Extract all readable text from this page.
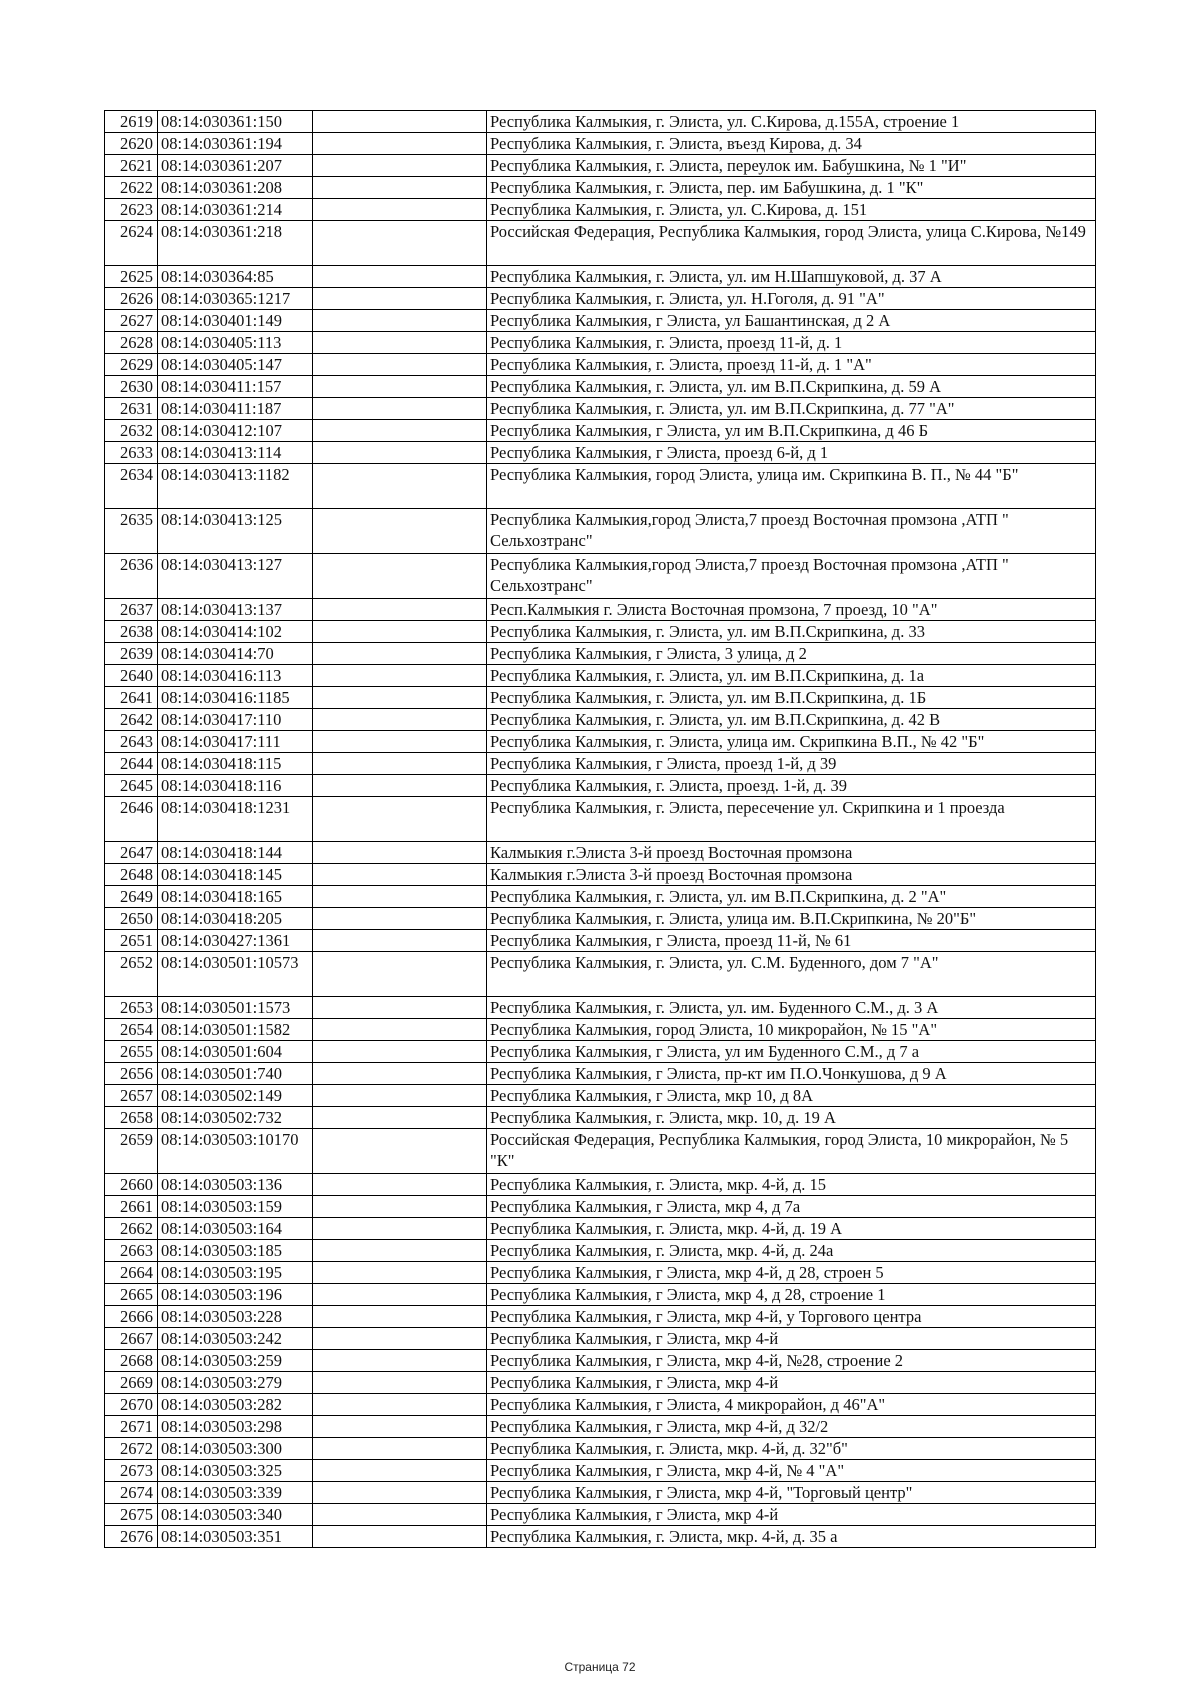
2619	08:14:030361:150		Республика Калмыкия, г. Элиста, ул. С.Кирова, д.155А, строение 1
2620	08:14:030361:194		Республика Калмыкия, г. Элиста, въезд Кирова, д. 34
2621	08:14:030361:207		Республика Калмыкия, г. Элиста, переулок им. Бабушкина, № 1 "И"
2622	08:14:030361:208		Республика Калмыкия, г. Элиста, пер. им Бабушкина, д. 1 "К"
2623	08:14:030361:214		Республика Калмыкия, г. Элиста, ул. С.Кирова, д. 151
2624	08:14:030361:218		Российская Федерация, Республика Калмыкия, город Элиста, улица С.Кирова, №149
2625	08:14:030364:85		Республика Калмыкия, г. Элиста, ул. им Н.Шапшуковой, д. 37 А
2626	08:14:030365:1217		Республика Калмыкия, г. Элиста, ул. Н.Гоголя, д. 91 "А"
2627	08:14:030401:149		Республика Калмыкия, г Элиста, ул Башантинская, д 2 А
2628	08:14:030405:113		Республика Калмыкия, г. Элиста, проезд 11-й, д. 1
2629	08:14:030405:147		Республика Калмыкия, г. Элиста, проезд 11-й, д. 1 "А"
2630	08:14:030411:157		Республика Калмыкия, г. Элиста, ул. им В.П.Скрипкина, д. 59 А
2631	08:14:030411:187		Республика Калмыкия, г. Элиста, ул. им В.П.Скрипкина, д. 77 "А"
2632	08:14:030412:107		Республика Калмыкия, г Элиста, ул им В.П.Скрипкина, д 46 Б
2633	08:14:030413:114		Республика Калмыкия, г Элиста, проезд 6-й, д 1
2634	08:14:030413:1182		Республика Калмыкия, город Элиста, улица им. Скрипкина В. П., № 44 "Б"
2635	08:14:030413:125		Республика Калмыкия,город Элиста,7 проезд Восточная промзона ,АТП " Сельхозтранс"
2636	08:14:030413:127		Республика Калмыкия,город Элиста,7 проезд Восточная промзона ,АТП " Сельхозтранс"
2637	08:14:030413:137		Респ.Калмыкия г. Элиста Восточная промзона, 7 проезд, 10 "А"
2638	08:14:030414:102		Республика Калмыкия, г. Элиста, ул. им В.П.Скрипкина, д. 33
2639	08:14:030414:70		Республика Калмыкия, г Элиста, 3 улица, д 2
2640	08:14:030416:113		Республика Калмыкия, г. Элиста, ул. им В.П.Скрипкина, д. 1а
2641	08:14:030416:1185		Республика Калмыкия, г. Элиста, ул. им В.П.Скрипкина, д. 1Б
2642	08:14:030417:110		Республика Калмыкия, г. Элиста, ул. им В.П.Скрипкина, д. 42 В
2643	08:14:030417:111		Республика Калмыкия, г. Элиста, улица им. Скрипкина В.П., № 42 "Б"
2644	08:14:030418:115		Республика Калмыкия, г Элиста, проезд 1-й, д 39
2645	08:14:030418:116		Республика Калмыкия, г. Элиста, проезд. 1-й, д. 39
2646	08:14:030418:1231		Республика Калмыкия, г. Элиста, пересечение ул. Скрипкина и 1 проезда
2647	08:14:030418:144		Калмыкия г.Элиста 3-й проезд Восточная промзона
2648	08:14:030418:145		Калмыкия г.Элиста 3-й проезд Восточная промзона
2649	08:14:030418:165		Республика Калмыкия, г. Элиста, ул. им В.П.Скрипкина, д. 2 "А"
2650	08:14:030418:205		Республика Калмыкия, г. Элиста, улица им. В.П.Скрипкина, № 20"Б"
2651	08:14:030427:1361		Республика Калмыкия, г Элиста, проезд 11-й, № 61
2652	08:14:030501:10573		Республика Калмыкия, г. Элиста, ул. С.М. Буденного, дом 7 "А"
2653	08:14:030501:1573		Республика Калмыкия, г. Элиста, ул. им. Буденного С.М., д. 3 А
2654	08:14:030501:1582		Республика Калмыкия, город Элиста, 10 микрорайон, № 15 "А"
2655	08:14:030501:604		Республика Калмыкия, г Элиста, ул им Буденного С.М., д 7 а
2656	08:14:030501:740		Республика Калмыкия, г Элиста, пр-кт им П.О.Чонкушова, д 9 А
2657	08:14:030502:149		Республика Калмыкия, г Элиста, мкр 10, д 8А
2658	08:14:030502:732		Республика Калмыкия, г. Элиста, мкр. 10, д. 19 А
2659	08:14:030503:10170		Российская Федерация, Республика Калмыкия, город Элиста, 10 микрорайон, № 5 "К"
2660	08:14:030503:136		Республика Калмыкия, г. Элиста, мкр. 4-й, д. 15
2661	08:14:030503:159		Республика Калмыкия, г Элиста, мкр 4, д 7а
2662	08:14:030503:164		Республика Калмыкия, г. Элиста, мкр. 4-й, д. 19 А
2663	08:14:030503:185		Республика Калмыкия, г. Элиста, мкр. 4-й, д. 24а
2664	08:14:030503:195		Республика Калмыкия, г Элиста, мкр 4-й, д 28, строен 5
2665	08:14:030503:196		Республика Калмыкия, г Элиста, мкр 4, д 28, строение 1
2666	08:14:030503:228		Республика Калмыкия, г Элиста, мкр 4-й, у Торгового центра
2667	08:14:030503:242		Республика Калмыкия, г Элиста, мкр 4-й
2668	08:14:030503:259		Республика Калмыкия, г Элиста, мкр 4-й, №28, строение 2
2669	08:14:030503:279		Республика Калмыкия, г Элиста, мкр 4-й
2670	08:14:030503:282		Республика Калмыкия, г Элиста, 4 микрорайон, д 46"А"
2671	08:14:030503:298		Республика Калмыкия, г Элиста, мкр 4-й, д 32/2
2672	08:14:030503:300		Республика Калмыкия, г. Элиста, мкр. 4-й, д. 32"б"
2673	08:14:030503:325		Республика Калмыкия, г Элиста, мкр 4-й, № 4 "А"
2674	08:14:030503:339		Республика Калмыкия, г Элиста, мкр 4-й, "Торговый центр"
2675	08:14:030503:340		Республика Калмыкия, г Элиста, мкр 4-й
2676	08:14:030503:351		Республика Калмыкия, г. Элиста, мкр. 4-й, д. 35 а
Страница 72
